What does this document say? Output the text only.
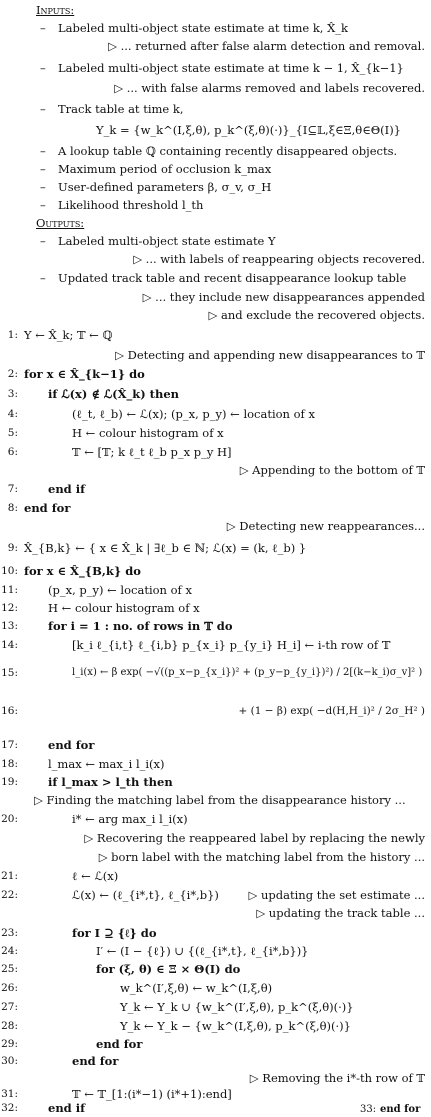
Inputs:
– Labeled multi-object state estimate at time k, X̂_k
▷ ... returned after false alarm detection and removal.
– Labeled multi-object state estimate at time k − 1, X̂_{k−1}
▷ ... with false alarms removed and labels recovered.
– Track table at time k,
Υ_k = {w_k^(I,ξ,θ), p_k^(ξ,θ)(·)}_{I⊆𝕃,ξ∈Ξ,θ∈Θ(I)}
– A lookup table ℚ containing recently disappeared objects.
– Maximum period of occlusion k_max
– User-defined parameters β, σ_v, σ_H
– Likelihood threshold l_th
Outputs:
– Labeled multi-object state estimate Y
▷ ... with labels of reappearing objects recovered.
– Updated track table and recent disappearance lookup table
▷ ... they include new disappearances appended
▷ and exclude the recovered objects.
1: Y ← X̂_k; 𝕋 ← ℚ
▷ Detecting and appending new disappearances to 𝕋
2: for x ∈ X̂_{k−1} do
3:	if ℒ(x) ∉ ℒ(X̂_k) then
4:	(ℓ_t, ℓ_b) ← ℒ(x); (p_x, p_y) ← location of x
5:	H ← colour histogram of x
6:	𝕋 ← [𝕋; k ℓ_t ℓ_b p_x p_y H]
▷ Appending to the bottom of 𝕋
7:	end if
8: end for
▷ Detecting new reappearances...
9: X̂_{B,k} ← { x ∈ X̂_k | ∃ℓ_b ∈ ℕ; ℒ(x) = (k, ℓ_b) }
10: for x ∈ X̂_{B,k} do
11:	(p_x, p_y) ← location of x
12:	H ← colour histogram of x
13:	for i = 1 : no. of rows in 𝕋 do
14:	[k_i ℓ_{i,t} ℓ_{i,b} p_{x_i} p_{y_i} H_i] ← i-th row of 𝕋
15:	l_i(x) ← β exp( −√((p_x−p_{x_i})² + (p_y−p_{y_i})²) / 2[(k−k_i)σ_v]² )
16:	+ (1 − β) exp( −d(H,H_i)² / 2σ_H² )
17:	end for
18:	l_max ← max_i l_i(x)
19:	if l_max > l_th then
▷ Finding the matching label from the disappearance history ...
20:	i* ← arg max_i l_i(x)
▷ Recovering the reappeared label by replacing the newly
▷ born label with the matching label from the history ...
21:	ℓ ← ℒ(x)
22:	ℒ(x) ← (ℓ_{i*,t}, ℓ_{i*,b})	▷ updating the set estimate ...
▷ updating the track table ...
23:	for I ⊇ {ℓ} do
24:	I′ ← (I − {ℓ}) ∪ {(ℓ_{i*,t}, ℓ_{i*,b})}
25:	for (ξ, θ) ∈ Ξ × Θ(I) do
26:	w_k^(I′,ξ,θ) ← w_k^(I,ξ,θ)
27:	Υ_k ← Υ_k ∪ {w_k^(I′,ξ,θ), p_k^(ξ,θ)(·)}
28:	Υ_k ← Υ_k − {w_k^(I,ξ,θ), p_k^(ξ,θ)(·)}
29:	end for
30:	end for
▷ Removing the i*-th row of 𝕋
31:	𝕋 ← 𝕋_[1:(i*−1) (i*+1):end]
32:	end if	33: end for
